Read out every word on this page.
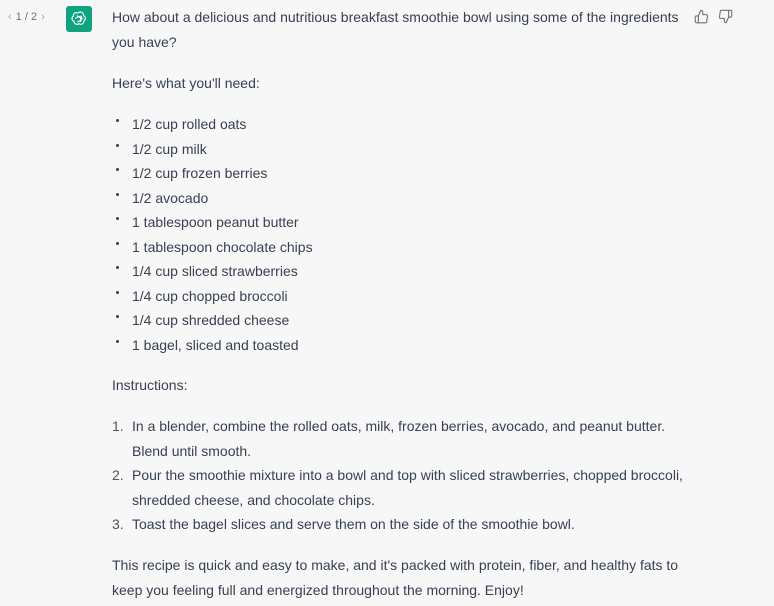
‹ 1 / 2 ›	How about a delicious and nutritious breakfast smoothie bowl using some of the ingredients you have?

Here's what you'll need:

1/2 cup rolled oats
1/2 cup milk
1/2 cup frozen berries
1/2 avocado
1 tablespoon peanut butter
1 tablespoon chocolate chips
1/4 cup sliced strawberries
1/4 cup chopped broccoli
1/4 cup shredded cheese
1 bagel, sliced and toasted

Instructions:

1. In a blender, combine the rolled oats, milk, frozen berries, avocado, and peanut butter. Blend until smooth.
2. Pour the smoothie mixture into a bowl and top with sliced strawberries, chopped broccoli, shredded cheese, and chocolate chips.
3. Toast the bagel slices and serve them on the side of the smoothie bowl.

This recipe is quick and easy to make, and it's packed with protein, fiber, and healthy fats to keep you feeling full and energized throughout the morning. Enjoy!
